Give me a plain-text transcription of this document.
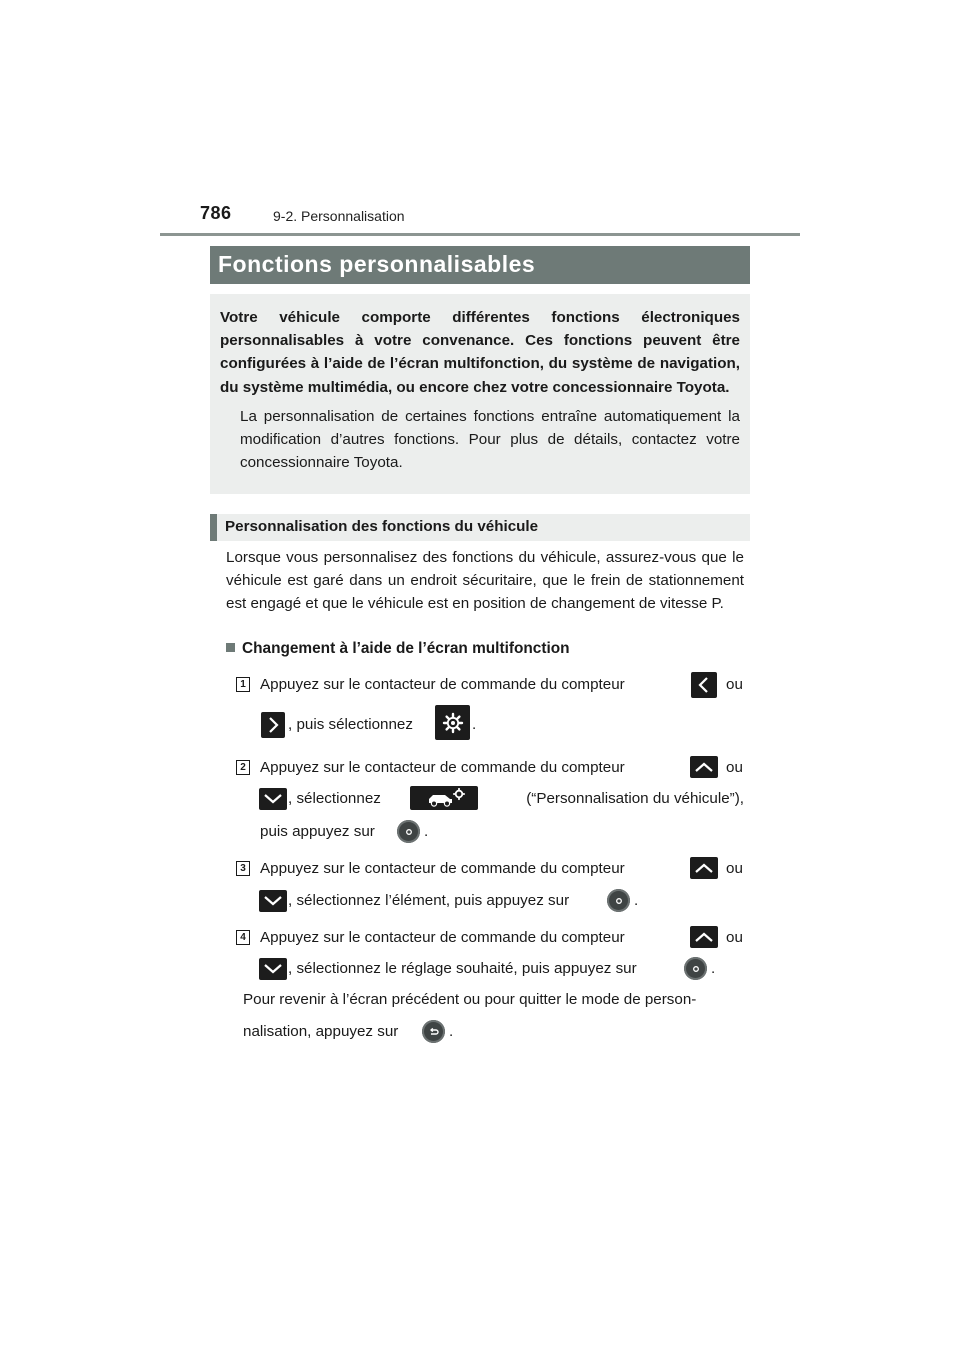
786	9-2. Personnalisation
Fonctions personnalisables
Votre véhicule comporte différentes fonctions électroniques personnalisables à votre convenance. Ces fonctions peuvent être configurées à l’aide de l’écran multifonction, du système de navigation, du système multimédia, ou encore chez votre concessionnaire Toyota.
La personnalisation de certaines fonctions entraîne automatiquement la modification d’autres fonctions. Pour plus de détails, contactez votre concessionnaire Toyota.
Personnalisation des fonctions du véhicule
Lorsque vous personnalisez des fonctions du véhicule, assurez-vous que le véhicule est garé dans un endroit sécuritaire, que le frein de stationnement est engagé et que le véhicule est en position de changement de vitesse P.
Changement à l’aide de l’écran multifonction
1 Appuyez sur le contacteur de commande du compteur	ou
, puis sélectionnez	.
2 Appuyez sur le contacteur de commande du compteur	ou
, sélectionnez	(“Personnalisation du véhicule”),
puis appuyez sur	.
3 Appuyez sur le contacteur de commande du compteur	ou
, sélectionnez l’élément, puis appuyez sur	.
4 Appuyez sur le contacteur de commande du compteur	ou
, sélectionnez le réglage souhaité, puis appuyez sur	.
Pour revenir à l’écran précédent ou pour quitter le mode de person-
nalisation, appuyez sur	.
